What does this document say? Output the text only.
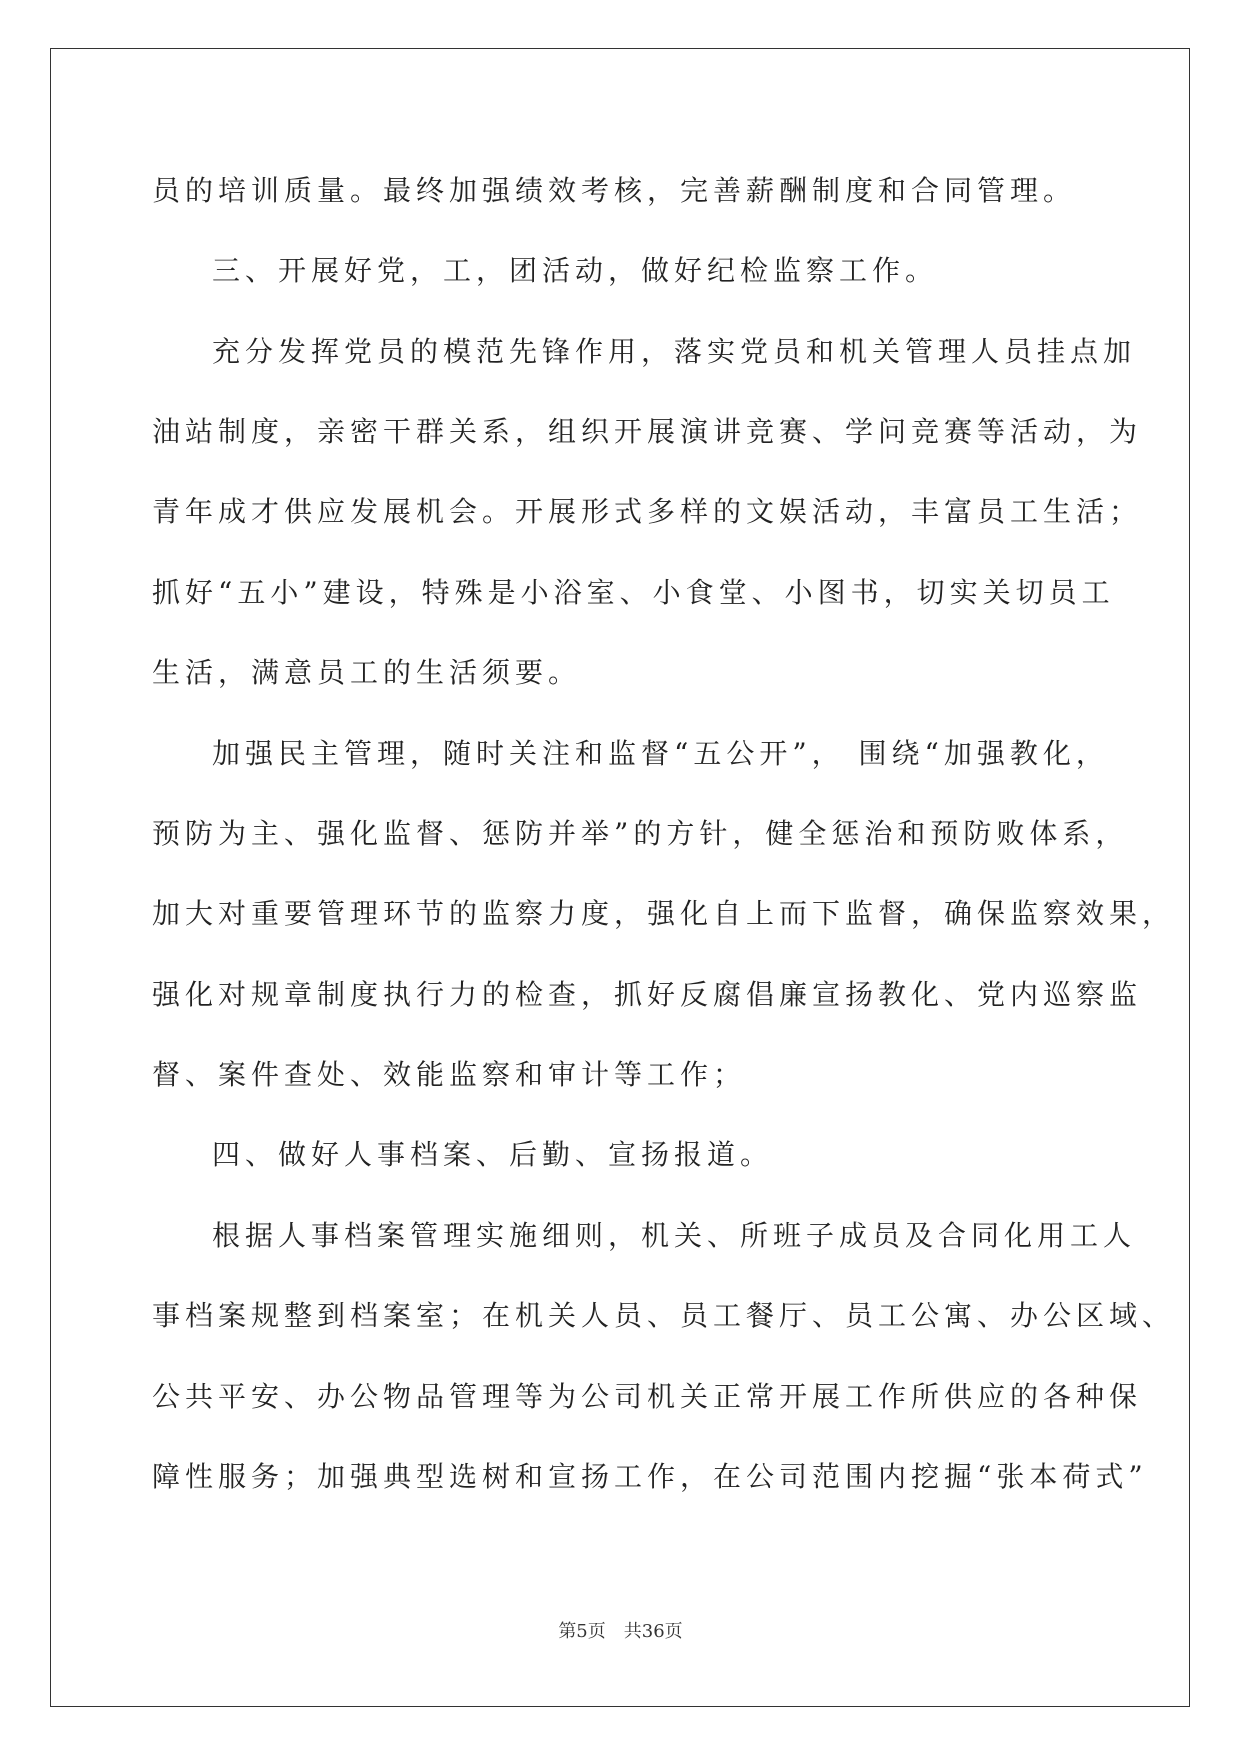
员的培训质量。最终加强绩效考核，完善薪酬制度和合同管理。
三、开展好党，工，团活动，做好纪检监察工作。
充分发挥党员的模范先锋作用，落实党员和机关管理人员挂点加
油站制度，亲密干群关系，组织开展演讲竞赛、学问竞赛等活动，为
青年成才供应发展机会。开展形式多样的文娱活动，丰富员工生活；
抓好“五小”建设，特殊是小浴室、小食堂、小图书，切实关切员工
生活，满意员工的生活须要。
加强民主管理，随时关注和监督“五公开”， 围绕“加强教化，
预防为主、强化监督、惩防并举”的方针，健全惩治和预防败体系，
加大对重要管理环节的监察力度，强化自上而下监督，确保监察效果，
强化对规章制度执行力的检查，抓好反腐倡廉宣扬教化、党内巡察监
督、案件查处、效能监察和审计等工作；
四、做好人事档案、后勤、宣扬报道。
根据人事档案管理实施细则，机关、所班子成员及合同化用工人
事档案规整到档案室；在机关人员、员工餐厅、员工公寓、办公区域、
公共平安、办公物品管理等为公司机关正常开展工作所供应的各种保
障性服务；加强典型选树和宣扬工作，在公司范围内挖掘“张本荷式”
第5页 共36页
